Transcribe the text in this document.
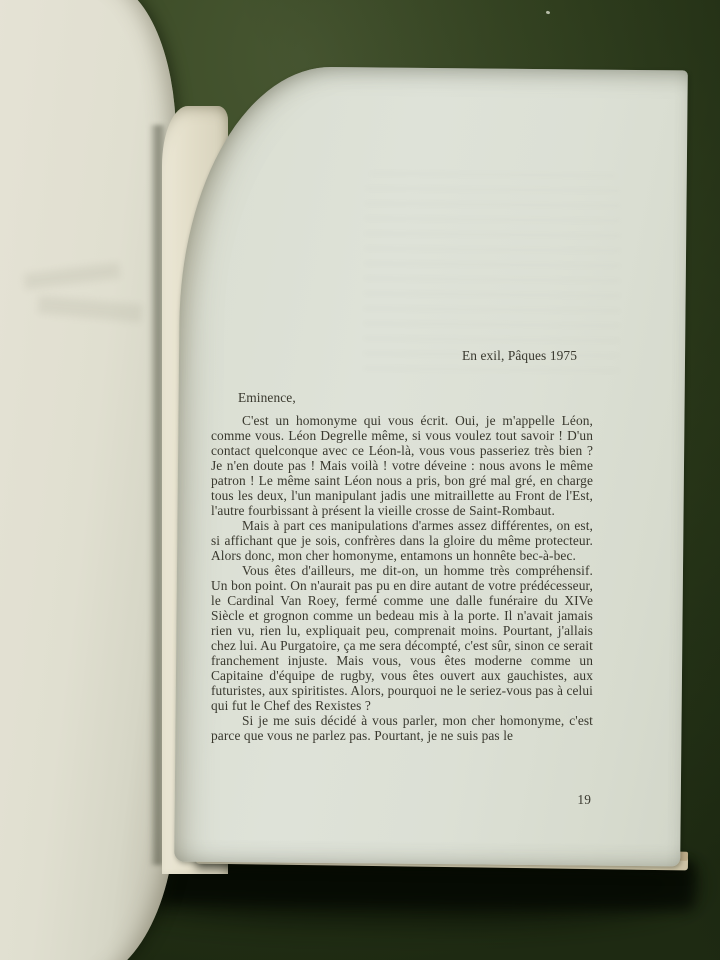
En exil, Pâques 1975
Eminence,

C'est un homonyme qui vous écrit. Oui, je m'appelle Léon, comme vous. Léon Degrelle même, si vous voulez tout savoir ! D'un contact quelconque avec ce Léon-là, vous vous passeriez très bien ? Je n'en doute pas ! Mais voilà ! votre déveine : nous avons le même patron ! Le même saint Léon nous a pris, bon gré mal gré, en charge tous les deux, l'un manipulant jadis une mitraillette au Front de l'Est, l'autre fourbissant à présent la vieille crosse de Saint-Rombaut.

Mais à part ces manipulations d'armes assez différentes, on est, si affichant que je sois, confrères dans la gloire du même protecteur. Alors donc, mon cher homonyme, entamons un honnête bec-à-bec.

Vous êtes d'ailleurs, me dit-on, un homme très compréhensif. Un bon point. On n'aurait pas pu en dire autant de votre prédécesseur, le Cardinal Van Roey, fermé comme une dalle funéraire du XIVe Siècle et grognon comme un bedeau mis à la porte. Il n'avait jamais rien vu, rien lu, expliquait peu, comprenait moins. Pourtant, j'allais chez lui. Au Purgatoire, ça me sera décompté, c'est sûr, sinon ce serait franchement injuste. Mais vous, vous êtes moderne comme un Capitaine d'équipe de rugby, vous êtes ouvert aux gauchistes, aux futuristes, aux spiritistes. Alors, pourquoi ne le seriez-vous pas à celui qui fut le Chef des Rexistes ?

Si je me suis décidé à vous parler, mon cher homonyme, c'est parce que vous ne parlez pas. Pourtant, je ne suis pas le

19
